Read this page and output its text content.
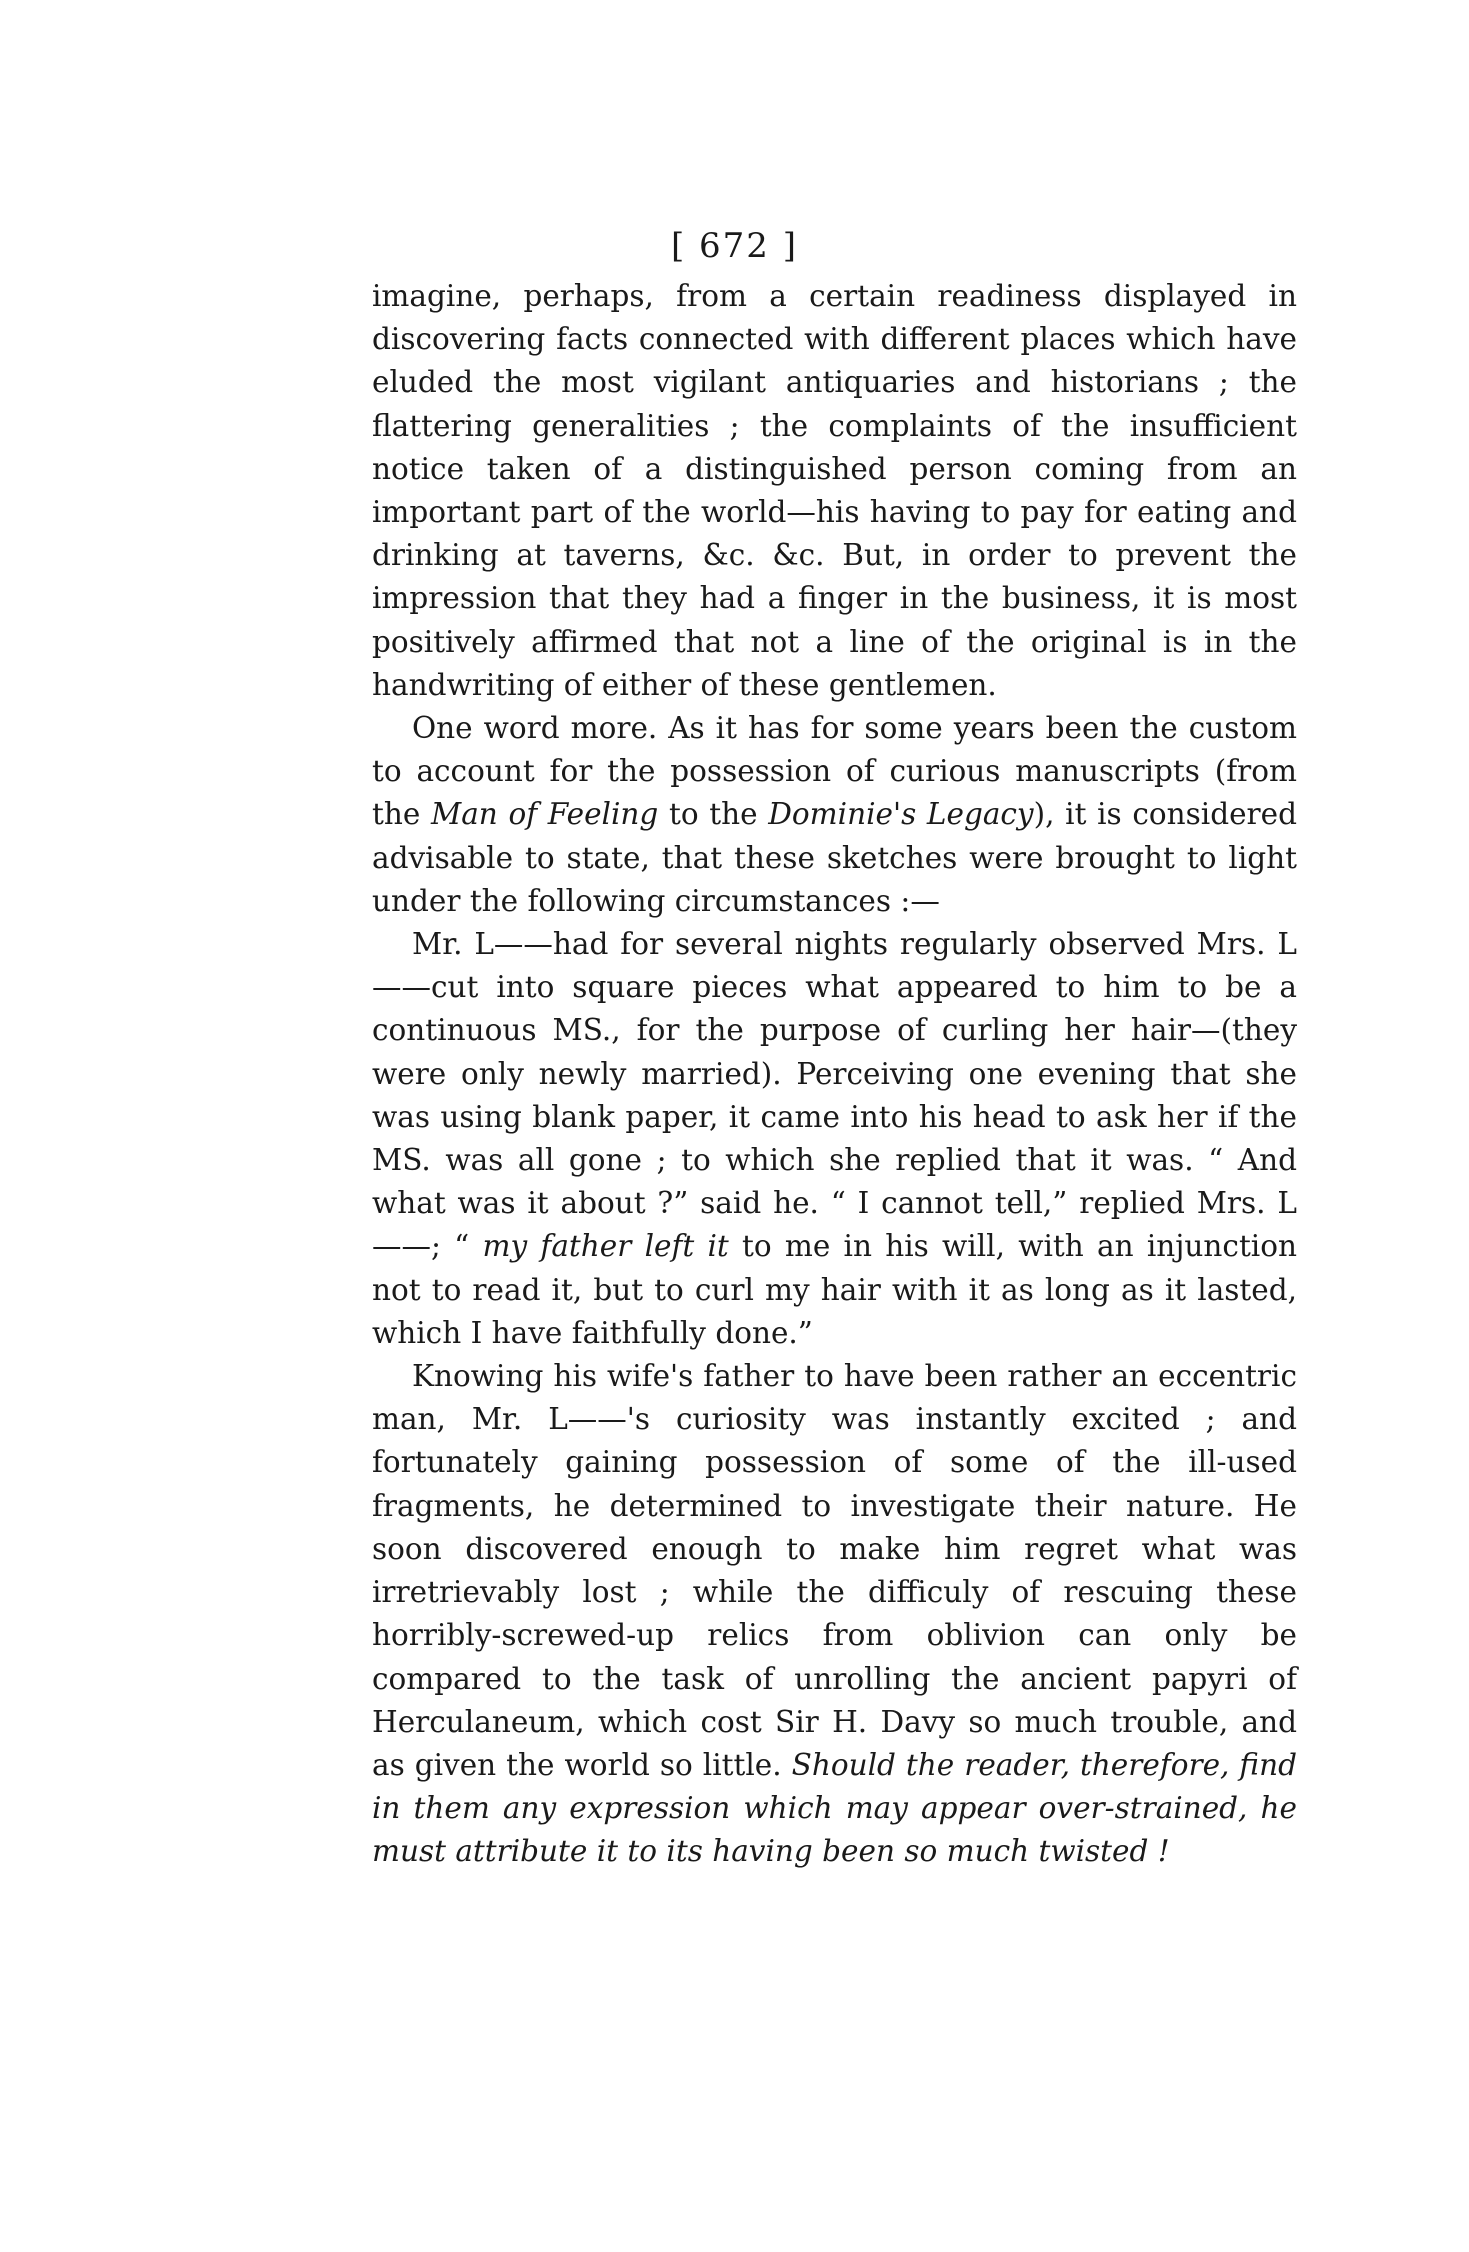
[ 672 ]

imagine, perhaps, from a certain readiness displayed in discovering facts connected with different places which have eluded the most vigilant antiquaries and historians ; the flattering generalities ; the complaints of the insufficient notice taken of a distinguished person coming from an important part of the world—his having to pay for eating and drinking at taverns, &c. &c. But, in order to prevent the impression that they had a finger in the business, it is most positively affirmed that not a line of the original is in the handwriting of either of these gentlemen.

One word more. As it has for some years been the custom to account for the possession of curious manuscripts (from the Man of Feeling to the Dominie's Legacy), it is considered advisable to state, that these sketches were brought to light under the following circumstances :—

Mr. L——had for several nights regularly observed Mrs. L——cut into square pieces what appeared to him to be a continuous MS., for the purpose of curling her hair—(they were only newly married). Perceiving one evening that she was using blank paper, it came into his head to ask her if the MS. was all gone ; to which she replied that it was. “ And what was it about ?” said he. “ I cannot tell,” replied Mrs. L——; “ my father left it to me in his will, with an injunction not to read it, but to curl my hair with it as long as it lasted, which I have faithfully done.”

Knowing his wife's father to have been rather an eccentric man, Mr. L——'s curiosity was instantly excited ; and fortunately gaining possession of some of the ill-used fragments, he determined to investigate their nature. He soon discovered enough to make him regret what was irretrievably lost ; while the difficuly of rescuing these horribly-screwed-up relics from oblivion can only be compared to the task of unrolling the ancient papyri of Herculaneum, which cost Sir H. Davy so much trouble, and as given the world so little. Should the reader, therefore, find in them any expression which may appear over-strained, he must attribute it to its having been so much twisted !
